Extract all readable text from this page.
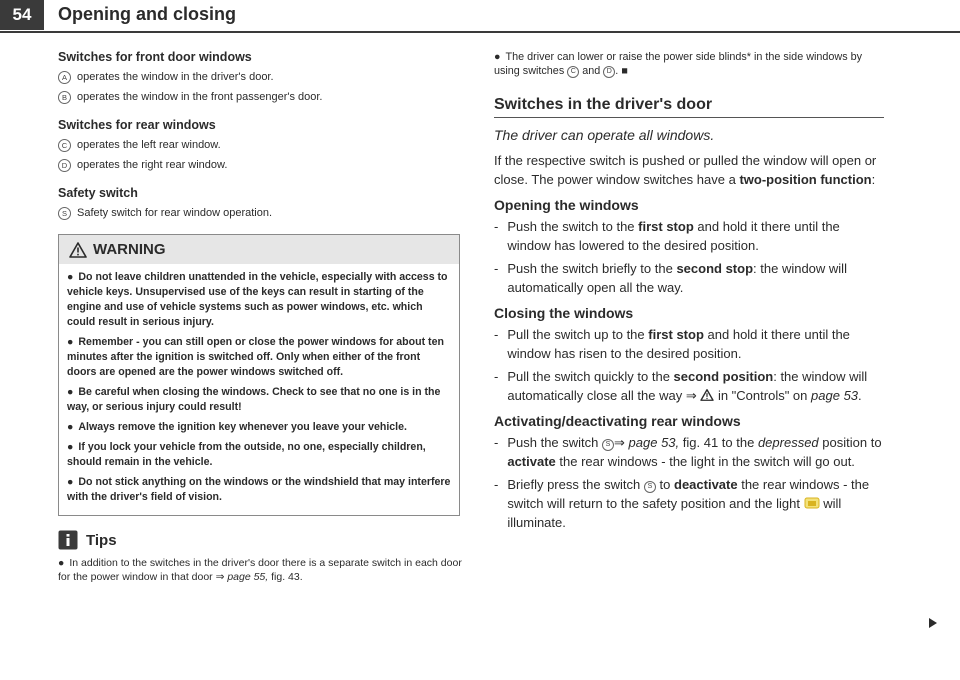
54	Opening and closing
Switches for front door windows
A operates the window in the driver's door.
B operates the window in the front passenger's door.
Switches for rear windows
C operates the left rear window.
D operates the right rear window.
Safety switch
S Safety switch for rear window operation.
WARNING

● Do not leave children unattended in the vehicle, especially with access to vehicle keys. Unsupervised use of the keys can result in starting of the engine and use of vehicle systems such as power windows, etc. which could result in serious injury.

● Remember - you can still open or close the power windows for about ten minutes after the ignition is switched off. Only when either of the front doors are opened are the power windows switched off.

● Be careful when closing the windows. Check to see that no one is in the way, or serious injury could result!

● Always remove the ignition key whenever you leave your vehicle.

● If you lock your vehicle from the outside, no one, especially children, should remain in the vehicle.

● Do not stick anything on the windows or the windshield that may interfere with the driver's field of vision.

Tips
● In addition to the switches in the driver's door there is a separate switch in each door for the power window in that door ⇒ page 55, fig. 43.
● The driver can lower or raise the power side blinds* in the side windows by using switches C and D . ■
Switches in the driver's door
The driver can operate all windows.
If the respective switch is pushed or pulled the window will open or close. The power window switches have a two-position function:
Opening the windows
- Push the switch to the first stop and hold it there until the window has lowered to the desired position.
- Push the switch briefly to the second stop: the window will automatically open all the way.
Closing the windows
- Pull the switch up to the first stop and hold it there until the window has risen to the desired position.
- Pull the switch quickly to the second position: the window will automatically close all the way ⇒  in "Controls" on page 53.
Activating/deactivating rear windows
- Push the switch S ⇒ page 53, fig. 41 to the depressed position to activate the rear windows - the light in the switch will go out.
- Briefly press the switch S to deactivate the rear windows - the switch will return to the safety position and the light will illuminate.
